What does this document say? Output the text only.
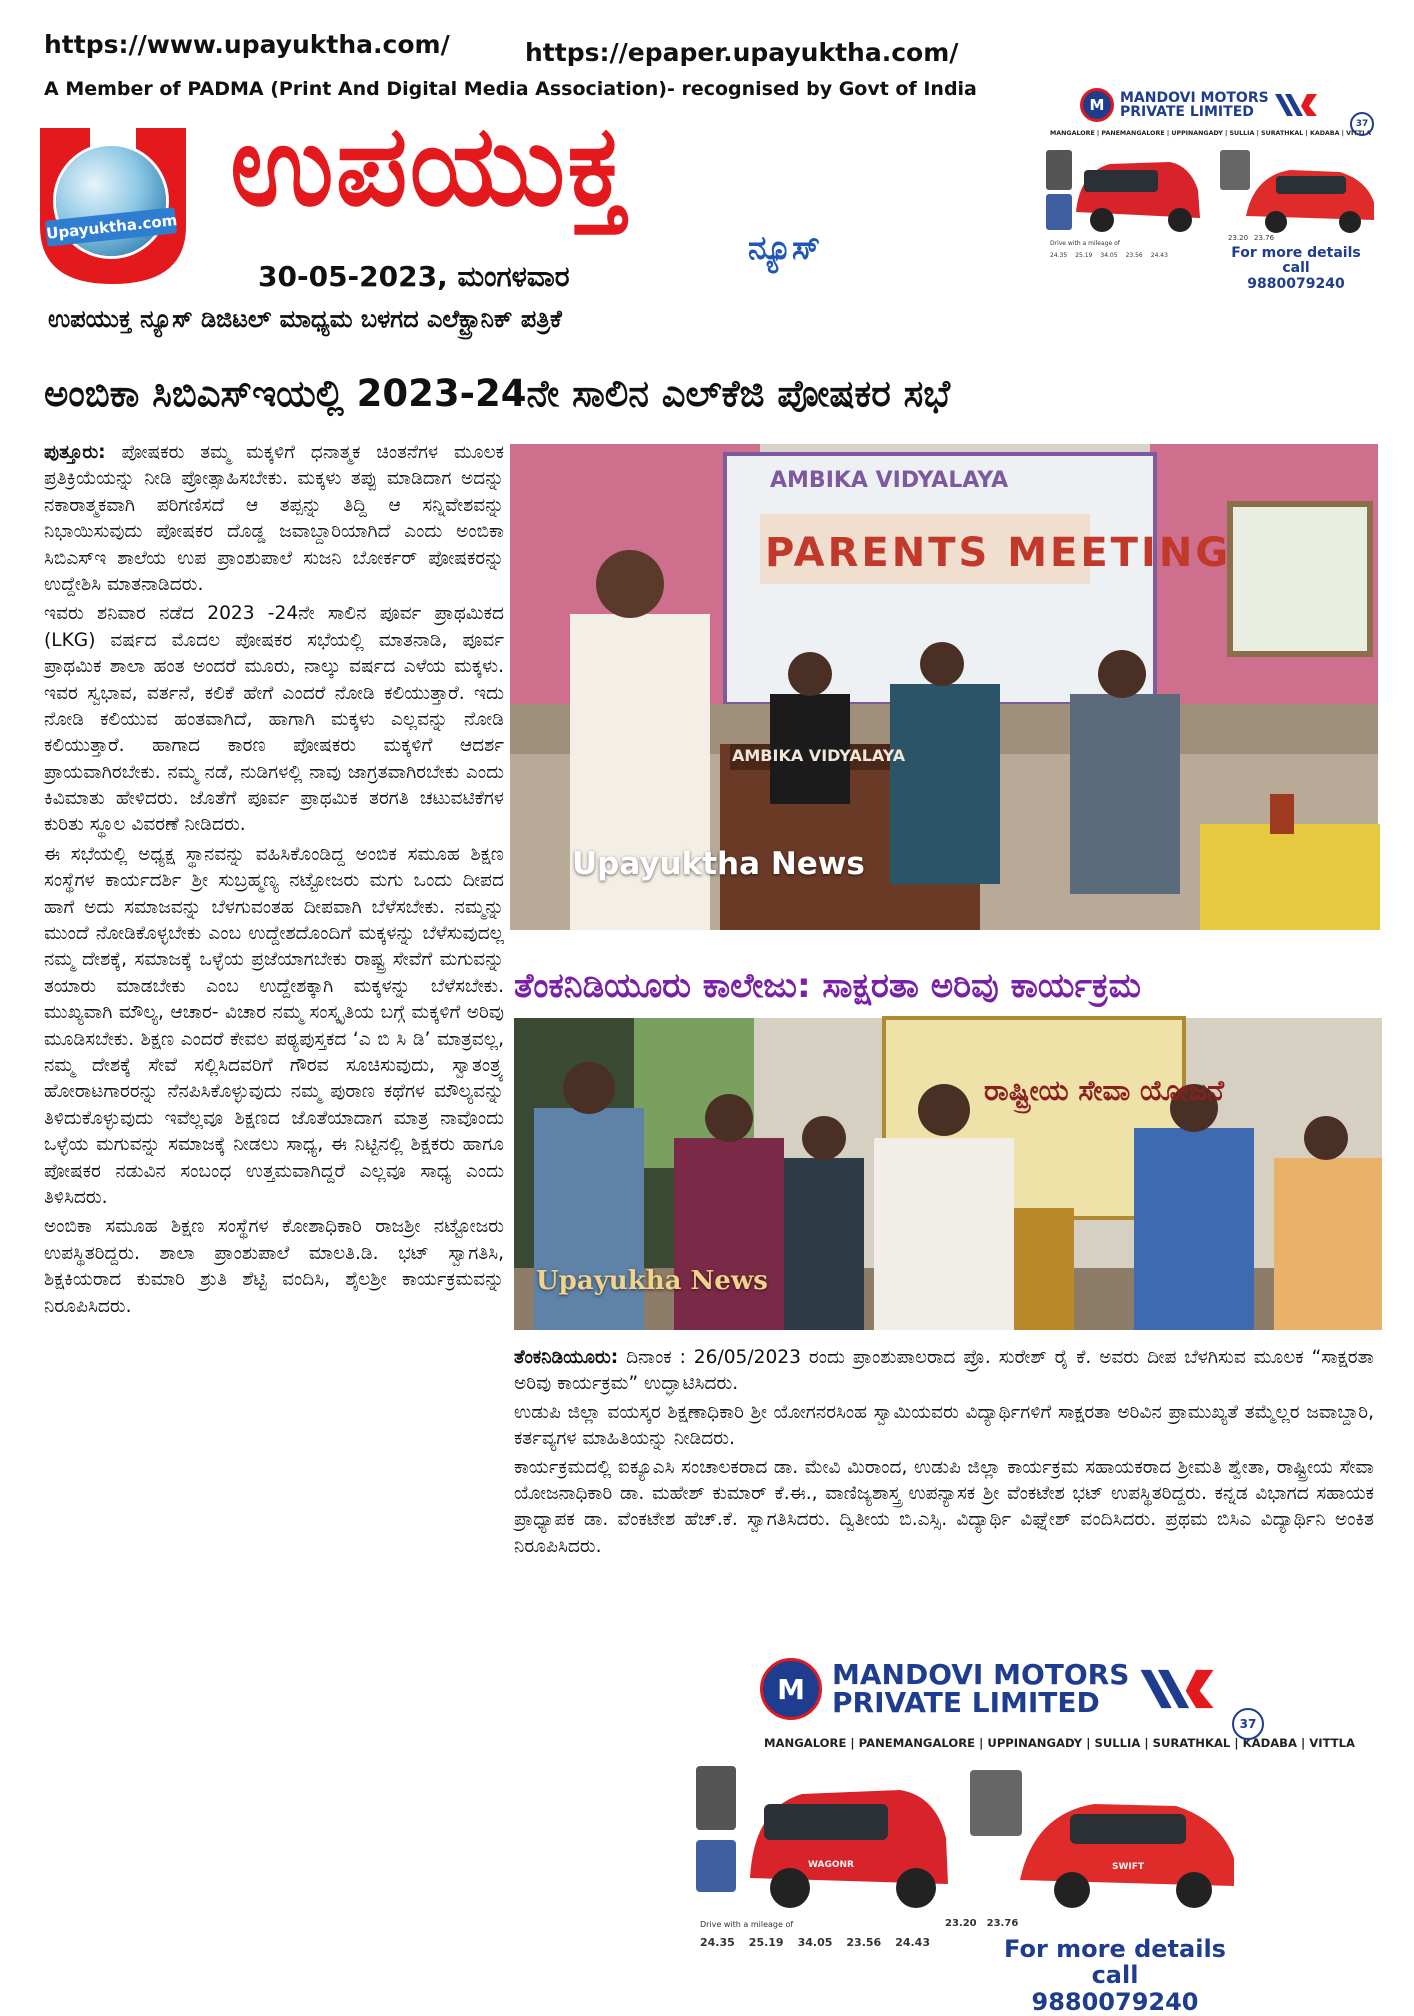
https://www.upayuktha.com/	https://epaper.upayuktha.com/
A Member of PADMA (Print And Digital Media Association)- recognised by Govt of India
Upayuktha.com ಉಪಯುಕ್ತ
ನ್ಯೂಸ್
30-05-2023, ಮಂಗಳವಾರ
ಉಪಯುಕ್ತ ನ್ಯೂಸ್ ಡಿಜಿಟಲ್ ಮಾಧ್ಯಮ ಬಳಗದ ಎಲೆಕ್ಟ್ರಾನಿಕ್ ಪತ್ರಿಕೆ
M	MANDOVI MOTORS
PRIVATE LIMITED
MANGALORE | PANEMANGALORE | UPPINANGADY | SULLIA | SURATHKAL | KADABA | VITTLA
37
Drive with a mileage of
24.35 25.19 34.05 23.56 24.43
23.20 23.76
For more details call
9880079240
ಅಂಬಿಕಾ ಸಿಬಿಎಸ್‌ಇಯಲ್ಲಿ 2023-24ನೇ ಸಾಲಿನ ಎಲ್‌ಕೆಜಿ ಪೋಷಕರ ಸಭೆ

ಪುತ್ತೂರು: ಪೋಷಕರು ತಮ್ಮ ಮಕ್ಕಳಿಗೆ ಧನಾತ್ಮಕ ಚಿಂತನೆಗಳ ಮೂಲಕ ಪ್ರತಿಕ್ರಿಯೆಯನ್ನು ನೀಡಿ ಪ್ರೋತ್ಸಾಹಿಸಬೇಕು. ಮಕ್ಕಳು ತಪ್ಪು ಮಾಡಿದಾಗ ಅದನ್ನು ನಕಾರಾತ್ಮಕವಾಗಿ ಪರಿಗಣಿಸದೆ ಆ ತಪ್ಪನ್ನು ತಿದ್ದಿ ಆ ಸನ್ನಿವೇಶವನ್ನು ನಿಭಾಯಿಸುವುದು ಪೋಷಕರ ದೊಡ್ಡ ಜವಾಬ್ದಾರಿಯಾಗಿದೆ ಎಂದು ಅಂಬಿಕಾ ಸಿಬಿಎಸ್‌ಇ ಶಾಲೆಯ ಉಪ ಪ್ರಾಂಶುಪಾಲೆ ಸುಜನಿ ಬೋರ್ಕರ್ ಪೋಷಕರನ್ನು ಉದ್ದೇಶಿಸಿ ಮಾತನಾಡಿದರು.

ಇವರು ಶನಿವಾರ ನಡೆದ 2023 -24ನೇ ಸಾಲಿನ ಪೂರ್ವ ಪ್ರಾಥಮಿಕದ (LKG) ವರ್ಷದ ಮೊದಲ ಪೋಷಕರ ಸಭೆಯಲ್ಲಿ ಮಾತನಾಡಿ, ಪೂರ್ವ ಪ್ರಾಥಮಿಕ ಶಾಲಾ ಹಂತ ಅಂದರೆ ಮೂರು, ನಾಲ್ಕು ವರ್ಷದ ಎಳೆಯ ಮಕ್ಕಳು. ಇವರ ಸ್ವಭಾವ, ವರ್ತನೆ, ಕಲಿಕೆ ಹೇಗೆ ಎಂದರೆ ನೋಡಿ ಕಲಿಯುತ್ತಾರೆ. ಇದು ನೋಡಿ ಕಲಿಯುವ ಹಂತವಾಗಿದೆ, ಹಾಗಾಗಿ ಮಕ್ಕಳು ಎಲ್ಲವನ್ನು ನೋಡಿ ಕಲಿಯುತ್ತಾರೆ. ಹಾಗಾದ ಕಾರಣ ಪೋಷಕರು ಮಕ್ಕಳಿಗೆ ಆದರ್ಶ ಪ್ರಾಯವಾಗಿರಬೇಕು. ನಮ್ಮ ನಡೆ, ನುಡಿಗಳಲ್ಲಿ ನಾವು ಜಾಗ್ರತವಾಗಿರಬೇಕು ಎಂದು ಕಿವಿಮಾತು ಹೇಳಿದರು. ಜೊತೆಗೆ ಪೂರ್ವ ಪ್ರಾಥಮಿಕ ತರಗತಿ ಚಟುವಟಿಕೆಗಳ ಕುರಿತು ಸ್ಥೂಲ ವಿವರಣೆ ನೀಡಿದರು.

ಈ ಸಭೆಯಲ್ಲಿ ಅಧ್ಯಕ್ಷ ಸ್ಥಾನವನ್ನು ವಹಿಸಿಕೊಂಡಿದ್ದ ಅಂಬಿಕ ಸಮೂಹ ಶಿಕ್ಷಣ ಸಂಸ್ಥೆಗಳ ಕಾರ್ಯದರ್ಶಿ ಶ್ರೀ ಸುಬ್ರಹ್ಮಣ್ಯ ನಟ್ಟೋಜರು ಮಗು ಒಂದು ದೀಪದ ಹಾಗೆ ಅದು ಸಮಾಜವನ್ನು ಬೆಳಗುವಂತಹ ದೀಪವಾಗಿ ಬೆಳೆಸಬೇಕು. ನಮ್ಮನ್ನು ಮುಂದೆ ನೋಡಿಕೊಳ್ಳಬೇಕು ಎಂಬ ಉದ್ದೇಶದೊಂದಿಗೆ ಮಕ್ಕಳನ್ನು ಬೆಳೆಸುವುದಲ್ಲ ನಮ್ಮ ದೇಶಕ್ಕೆ, ಸಮಾಜಕ್ಕೆ ಒಳ್ಳೆಯ ಪ್ರಜೆಯಾಗಬೇಕು ರಾಷ್ಟ್ರ ಸೇವೆಗೆ ಮಗುವನ್ನು ತಯಾರು ಮಾಡಬೇಕು ಎಂಬ ಉದ್ದೇಶಕ್ಕಾಗಿ ಮಕ್ಕಳನ್ನು ಬೆಳೆಸಬೇಕು. ಮುಖ್ಯವಾಗಿ ಮೌಲ್ಯ, ಆಚಾರ- ವಿಚಾರ ನಮ್ಮ ಸಂಸ್ಕೃತಿಯ ಬಗ್ಗೆ ಮಕ್ಕಳಿಗೆ ಅರಿವು ಮೂಡಿಸಬೇಕು. ಶಿಕ್ಷಣ ಎಂದರೆ ಕೇವಲ ಪಠ್ಯಪುಸ್ತಕದ ‘ಎ ಬಿ ಸಿ ಡಿ’ ಮಾತ್ರವಲ್ಲ, ನಮ್ಮ ದೇಶಕ್ಕೆ ಸೇವೆ ಸಲ್ಲಿಸಿದವರಿಗೆ ಗೌರವ ಸೂಚಿಸುವುದು, ಸ್ವಾತಂತ್ರ್ಯ ಹೋರಾಟಗಾರರನ್ನು ನೆನಪಿಸಿಕೊಳ್ಳುವುದು ನಮ್ಮ ಪುರಾಣ ಕಥೆಗಳ ಮೌಲ್ಯವನ್ನು ತಿಳಿದುಕೊಳ್ಳುವುದು ಇವೆಲ್ಲವೂ ಶಿಕ್ಷಣದ ಜೊತೆಯಾದಾಗ ಮಾತ್ರ ನಾವೊಂದು ಒಳ್ಳೆಯ ಮಗುವನ್ನು ಸಮಾಜಕ್ಕೆ ನೀಡಲು ಸಾಧ್ಯ, ಈ ನಿಟ್ಟಿನಲ್ಲಿ ಶಿಕ್ಷಕರು ಹಾಗೂ ಪೋಷಕರ ನಡುವಿನ ಸಂಬಂಧ ಉತ್ತಮವಾಗಿದ್ದರೆ ಎಲ್ಲವೂ ಸಾಧ್ಯ ಎಂದು ತಿಳಿಸಿದರು.

ಅಂಬಿಕಾ ಸಮೂಹ ಶಿಕ್ಷಣ ಸಂಸ್ಥೆಗಳ ಕೋಶಾಧಿಕಾರಿ ರಾಜಶ್ರೀ ನಟ್ಟೋಜರು ಉಪಸ್ಥಿತರಿದ್ದರು. ಶಾಲಾ ಪ್ರಾಂಶುಪಾಲೆ ಮಾಲತಿ.ಡಿ. ಭಟ್ ಸ್ವಾಗತಿಸಿ, ಶಿಕ್ಷಕಿಯರಾದ ಕುಮಾರಿ ಶ್ರುತಿ ಶೆಟ್ಟಿ ವಂದಿಸಿ, ಶೈಲಶ್ರೀ ಕಾರ್ಯಕ್ರಮವನ್ನು ನಿರೂಪಿಸಿದರು.

AMBIKA VIDYALAYA
PARENTS MEETING
AMBIKA VIDYALAYA
Upayuktha News
ತೆಂಕನಿಡಿಯೂರು ಕಾಲೇಜು: ಸಾಕ್ಷರತಾ ಅರಿವು ಕಾರ್ಯಕ್ರಮ
ರಾಷ್ಟ್ರೀಯ ಸೇವಾ ಯೋಜನೆ
Upayukha News

ತೆಂಕನಿಡಿಯೂರು: ದಿನಾಂಕ : 26/05/2023 ರಂದು ಪ್ರಾಂಶುಪಾಲರಾದ ಪ್ರೊ. ಸುರೇಶ್ ರೈ ಕೆ. ಅವರು ದೀಪ ಬೆಳಗಿಸುವ ಮೂಲಕ “ಸಾಕ್ಷರತಾ ಅರಿವು ಕಾರ್ಯಕ್ರಮ” ಉದ್ಘಾಟಿಸಿದರು.

ಉಡುಪಿ ಜಿಲ್ಲಾ ವಯಸ್ಕರ ಶಿಕ್ಷಣಾಧಿಕಾರಿ ಶ್ರೀ ಯೋಗನರಸಿಂಹ ಸ್ವಾಮಿಯವರು ವಿದ್ಯಾರ್ಥಿಗಳಿಗೆ ಸಾಕ್ಷರತಾ ಅರಿವಿನ ಪ್ರಾಮುಖ್ಯತೆ ತಮ್ಮೆಲ್ಲರ ಜವಾಬ್ದಾರಿ, ಕರ್ತವ್ಯಗಳ ಮಾಹಿತಿಯನ್ನು ನೀಡಿದರು.

ಕಾರ್ಯಕ್ರಮದಲ್ಲಿ ಐಕ್ಯೂಎಸಿ ಸಂಚಾಲಕರಾದ ಡಾ. ಮೇವಿ ಮಿರಾಂದ, ಉಡುಪಿ ಜಿಲ್ಲಾ ಕಾರ್ಯಕ್ರಮ ಸಹಾಯಕರಾದ ಶ್ರೀಮತಿ ಶ್ವೇತಾ, ರಾಷ್ಟ್ರೀಯ ಸೇವಾ ಯೋಜನಾಧಿಕಾರಿ ಡಾ. ಮಹೇಶ್ ಕುಮಾರ್ ಕೆ.ಈ., ವಾಣಿಜ್ಯಶಾಸ್ತ್ರ ಉಪನ್ಯಾಸಕ ಶ್ರೀ ವೆಂಕಟೇಶ ಭಟ್ ಉಪಸ್ಥಿತರಿದ್ದರು. ಕನ್ನಡ ವಿಭಾಗದ ಸಹಾಯಕ ಪ್ರಾಧ್ಯಾಪಕ ಡಾ. ವೆಂಕಟೇಶ ಹೆಚ್.ಕೆ. ಸ್ವಾಗತಿಸಿದರು. ದ್ವಿತೀಯ ಬಿ.ಎಸ್ಸಿ. ವಿದ್ಯಾರ್ಥಿ ವಿಘ್ನೇಶ್ ವಂದಿಸಿದರು. ಪ್ರಥಮ ಬಿಸಿಎ ವಿದ್ಯಾರ್ಥಿನಿ ಅಂಕಿತ ನಿರೂಪಿಸಿದರು.

M MANDOVI MOTORS
PRIVATE LIMITED
MANGALORE | PANEMANGALORE | UPPINANGADY | SULLIA | SURATHKAL | KADABA | VITTLA
37
WAGONR	SWIFT
Drive with a mileage of
24.35 25.19 34.05 23.56 24.43
23.20 23.76
For more details call
9880079240
